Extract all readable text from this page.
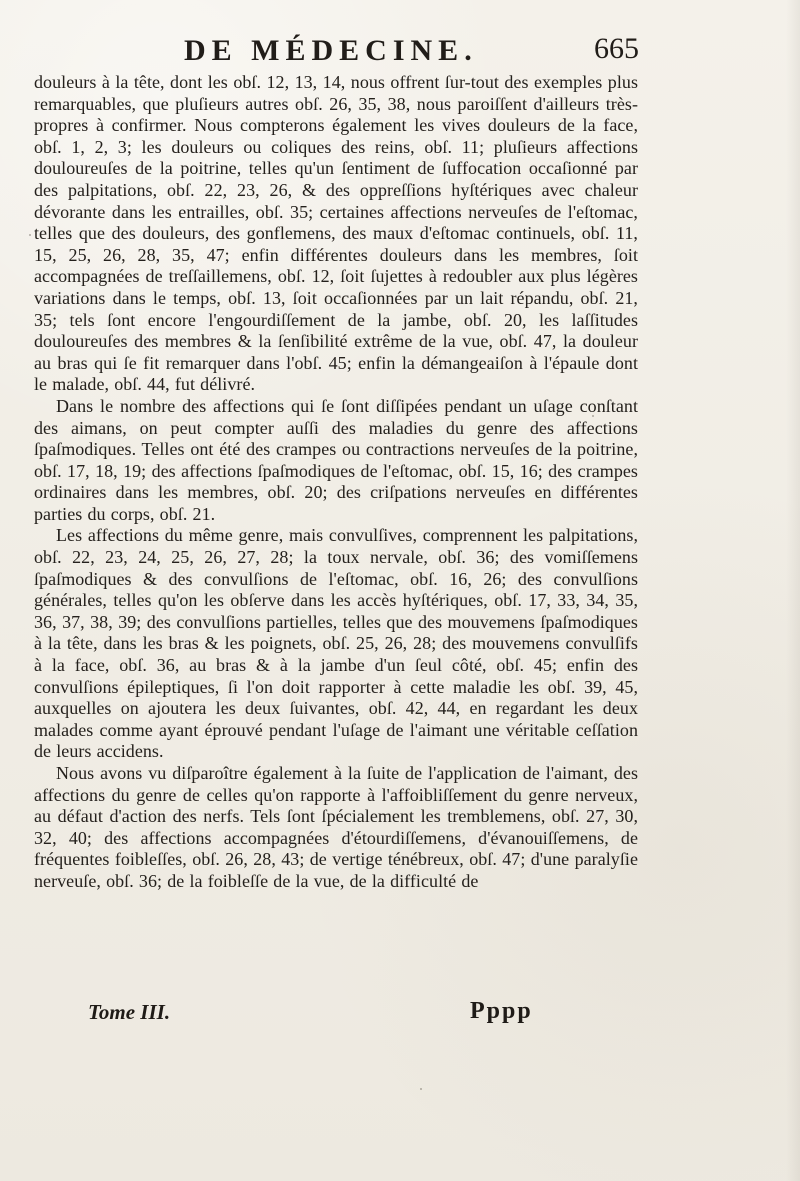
DE MÉDECINE.	665

douleurs à la tête, dont les obſ. 12, 13, 14, nous offrent ſur-tout des exemples plus remarquables, que pluſieurs autres obſ. 26, 35, 38, nous paroiſſent d'ailleurs très-propres à confirmer. Nous compterons également les vives douleurs de la face, obſ. 1, 2, 3; les douleurs ou coliques des reins, obſ. 11; pluſieurs affections douloureuſes de la poitrine, telles qu'un ſentiment de ſuffocation occaſionné par des palpitations, obſ. 22, 23, 26, & des oppreſſions hyſtériques avec chaleur dévorante dans les entrailles, obſ. 35; certaines affections nerveuſes de l'eſtomac, telles que des douleurs, des gonflemens, des maux d'eſtomac continuels, obſ. 11, 15, 25, 26, 28, 35, 47; enfin différentes douleurs dans les membres, ſoit accompagnées de treſſaillemens, obſ. 12, ſoit ſujettes à redoubler aux plus légères variations dans le temps, obſ. 13, ſoit occaſionnées par un lait répandu, obſ. 21, 35; tels ſont encore l'engourdiſſement de la jambe, obſ. 20, les laſſitudes douloureuſes des membres & la ſenſibilité extrême de la vue, obſ. 47, la douleur au bras qui ſe fit remarquer dans l'obſ. 45; enfin la démangeaiſon à l'épaule dont le malade, obſ. 44, fut délivré.

Dans le nombre des affections qui ſe ſont diſſipées pendant un uſage conſtant des aimans, on peut compter auſſi des maladies du genre des affections ſpaſmodiques. Telles ont été des crampes ou contractions nerveuſes de la poitrine, obſ. 17, 18, 19; des affections ſpaſmodiques de l'eſtomac, obſ. 15, 16; des crampes ordinaires dans les membres, obſ. 20; des criſpations nerveuſes en différentes parties du corps, obſ. 21.

Les affections du même genre, mais convulſives, comprennent les palpitations, obſ. 22, 23, 24, 25, 26, 27, 28; la toux nervale, obſ. 36; des vomiſſemens ſpaſmodiques & des convulſions de l'eſtomac, obſ. 16, 26; des convulſions générales, telles qu'on les obſerve dans les accès hyſtériques, obſ. 17, 33, 34, 35, 36, 37, 38, 39; des convulſions partielles, telles que des mouvemens ſpaſmodiques à la tête, dans les bras & les poignets, obſ. 25, 26, 28; des mouvemens convulſifs à la face, obſ. 36, au bras & à la jambe d'un ſeul côté, obſ. 45; enfin des convulſions épileptiques, ſi l'on doit rapporter à cette maladie les obſ. 39, 45, auxquelles on ajoutera les deux ſuivantes, obſ. 42, 44, en regardant les deux malades comme ayant éprouvé pendant l'uſage de l'aimant une véritable ceſſation de leurs accidens.

Nous avons vu diſparoître également à la ſuite de l'application de l'aimant, des affections du genre de celles qu'on rapporte à l'affoibliſſement du genre nerveux, au défaut d'action des nerfs. Tels ſont ſpécialement les tremblemens, obſ. 27, 30, 32, 40; des affections accompagnées d'étourdiſſemens, d'évanouiſſemens, de fréquentes foibleſſes, obſ. 26, 28, 43; de vertige ténébreux, obſ. 47; d'une paralyſie nerveuſe, obſ. 36; de la foibleſſe de la vue, de la difficulté de

Tome III.	Pppp
